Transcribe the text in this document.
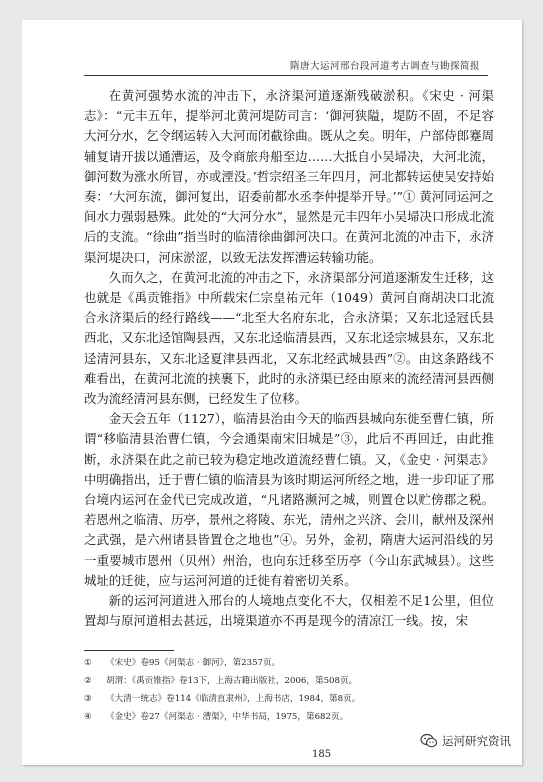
隋唐大运河邢台段河道考古调查与勘探简报

在黄河强势水流的冲击下，永济渠河道逐渐残破淤积。《宋史 · 河渠志》：“元丰五年，提举河北黄河堤防司言：‘御河狭隘，堤防不固，不足容大河分水，乞令纲运转入大河而闭截徐曲。既从之矣。明年，户部侍郎蹇周辅复请开拔以通漕运，及令商旅舟船至边……大抵自小吴埽决，大河北流，御河数为涨水所冒，亦或湮没。’哲宗绍圣三年四月，河北都转运使吴安持始奏：‘大河东流，御河复出，诏委前都水丞李仲提举开导。’”① 黄河同运河之间水力强弱悬殊。此处的“大河分水”，显然是元丰四年小吴埽决口形成北流后的支流。“徐曲”指当时的临清徐曲御河决口。在黄河北流的冲击下，永济渠河堤决口，河床淤涩，以致无法发挥漕运转输功能。

久而久之，在黄河北流的冲击之下，永济渠部分河道逐渐发生迁移，这也就是《禹贡锥指》中所载宋仁宗皇祐元年（1049）黄河自商胡决口北流合永济渠后的经行路线——“北至大名府东北，合永济渠；又东北迳冠氏县西北，又东北迳馆陶县西，又东北迳临清县西，又东北迳宗城县东，又东北迳清河县东，又东北迳夏津县西北，又东北经武城县西”②。由这条路线不难看出，在黄河北流的挟裹下，此时的永济渠已经由原来的流经清河县西侧改为流经清河县东侧，已经发生了位移。

金天会五年（1127），临清县治由今天的临西县城向东徙至曹仁镇，所谓“移临清县治曹仁镇，今会通渠南宋旧城是”③，此后不再回迁，由此推断，永济渠在此之前已较为稳定地改道流经曹仁镇。又，《金史 · 河渠志》中明确指出，迁于曹仁镇的临清县为该时期运河所经之地，进一步印证了邢台境内运河在金代已完成改道，“凡诸路濒河之城，则置仓以贮傍郡之税。若恩州之临清、历亭，景州之将陵、东光，清州之兴济、会川，献州及深州之武强，是六州诸县皆置仓之地也”④。另外，金初，隋唐大运河沿线的另一重要城市恩州（贝州）州治，也向东迁移至历亭（今山东武城县）。这些城址的迁徙，应与运河河道的迁徙有着密切关系。

新的运河河道进入邢台的人境地点变化不大，仅相差不足1公里，但位置却与原河道相去甚远，出境渠道亦不再是现今的清凉江一线。按，宋

① 《宋史》卷95《河渠志 · 御河》，第2357页。
② 胡渭：《禹贡锥指》卷13下，上海古籍出版社，2006，第508页。
③ 《大清一统志》卷114《临清直隶州》，上海书店，1984，第8页。
④ 《金史》卷27《河渠志 · 漕渠》，中华书局，1975，第682页。
185
运河研究资讯
